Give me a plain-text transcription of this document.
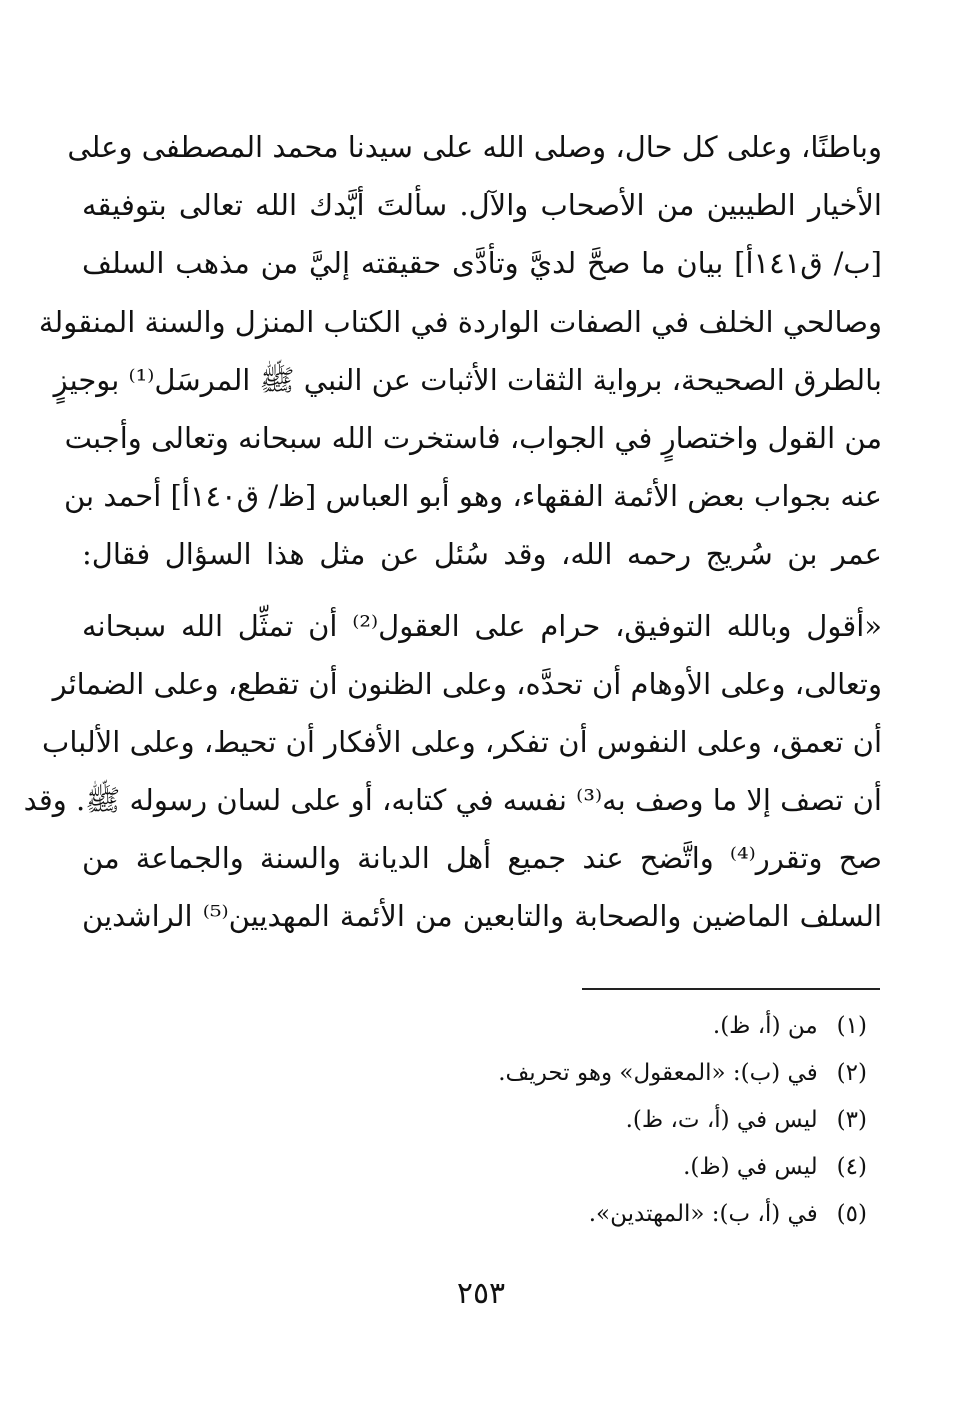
وباطنًا، وعلى كل حال، وصلى الله على سيدنا محمد المصطفى وعلى
الأخيار الطيبين من الأصحاب والآل. سألتَ أيَّدك الله تعالى بتوفيقه
[ب/ ق١٤١أ] بيان ما صحَّ لديَّ وتأدَّى حقيقته إليَّ من مذهب السلف
وصالحي الخلف في الصفات الواردة في الكتاب المنزل والسنة المنقولة
بالطرق الصحيحة، برواية الثقات الأثبات عن النبي ﷺ المرسَل⁽¹⁾ بوجيزٍ
من القول واختصارٍ في الجواب، فاستخرت الله سبحانه وتعالى وأجبت
عنه بجواب بعض الأئمة الفقهاء، وهو أبو العباس [ظ/ ق١٤٠أ] أحمد بن
عمر بن سُريج رحمه الله، وقد سُئل عن مثل هذا السؤال فقال:
«أقول وبالله التوفيق، حرام على العقول⁽²⁾ أن تمثِّل الله سبحانه
وتعالى، وعلى الأوهام أن تحدَّه، وعلى الظنون أن تقطع، وعلى الضمائر
أن تعمق، وعلى النفوس أن تفكر، وعلى الأفكار أن تحيط، وعلى الألباب
أن تصف إلا ما وصف به⁽³⁾ نفسه في كتابه، أو على لسان رسوله ﷺ. وقد
صح وتقرر⁽⁴⁾ واتَّضح عند جميع أهل الديانة والسنة والجماعة من
السلف الماضين والصحابة والتابعين من الأئمة المهديين⁽⁵⁾ الراشدين
(١) من (أ، ظ).
(٢) في (ب): «المعقول» وهو تحريف.
(٣) ليس في (أ، ت، ظ).
(٤) ليس في (ظ).
(٥) في (أ، ب): «المهتدين».
٢٥٣
